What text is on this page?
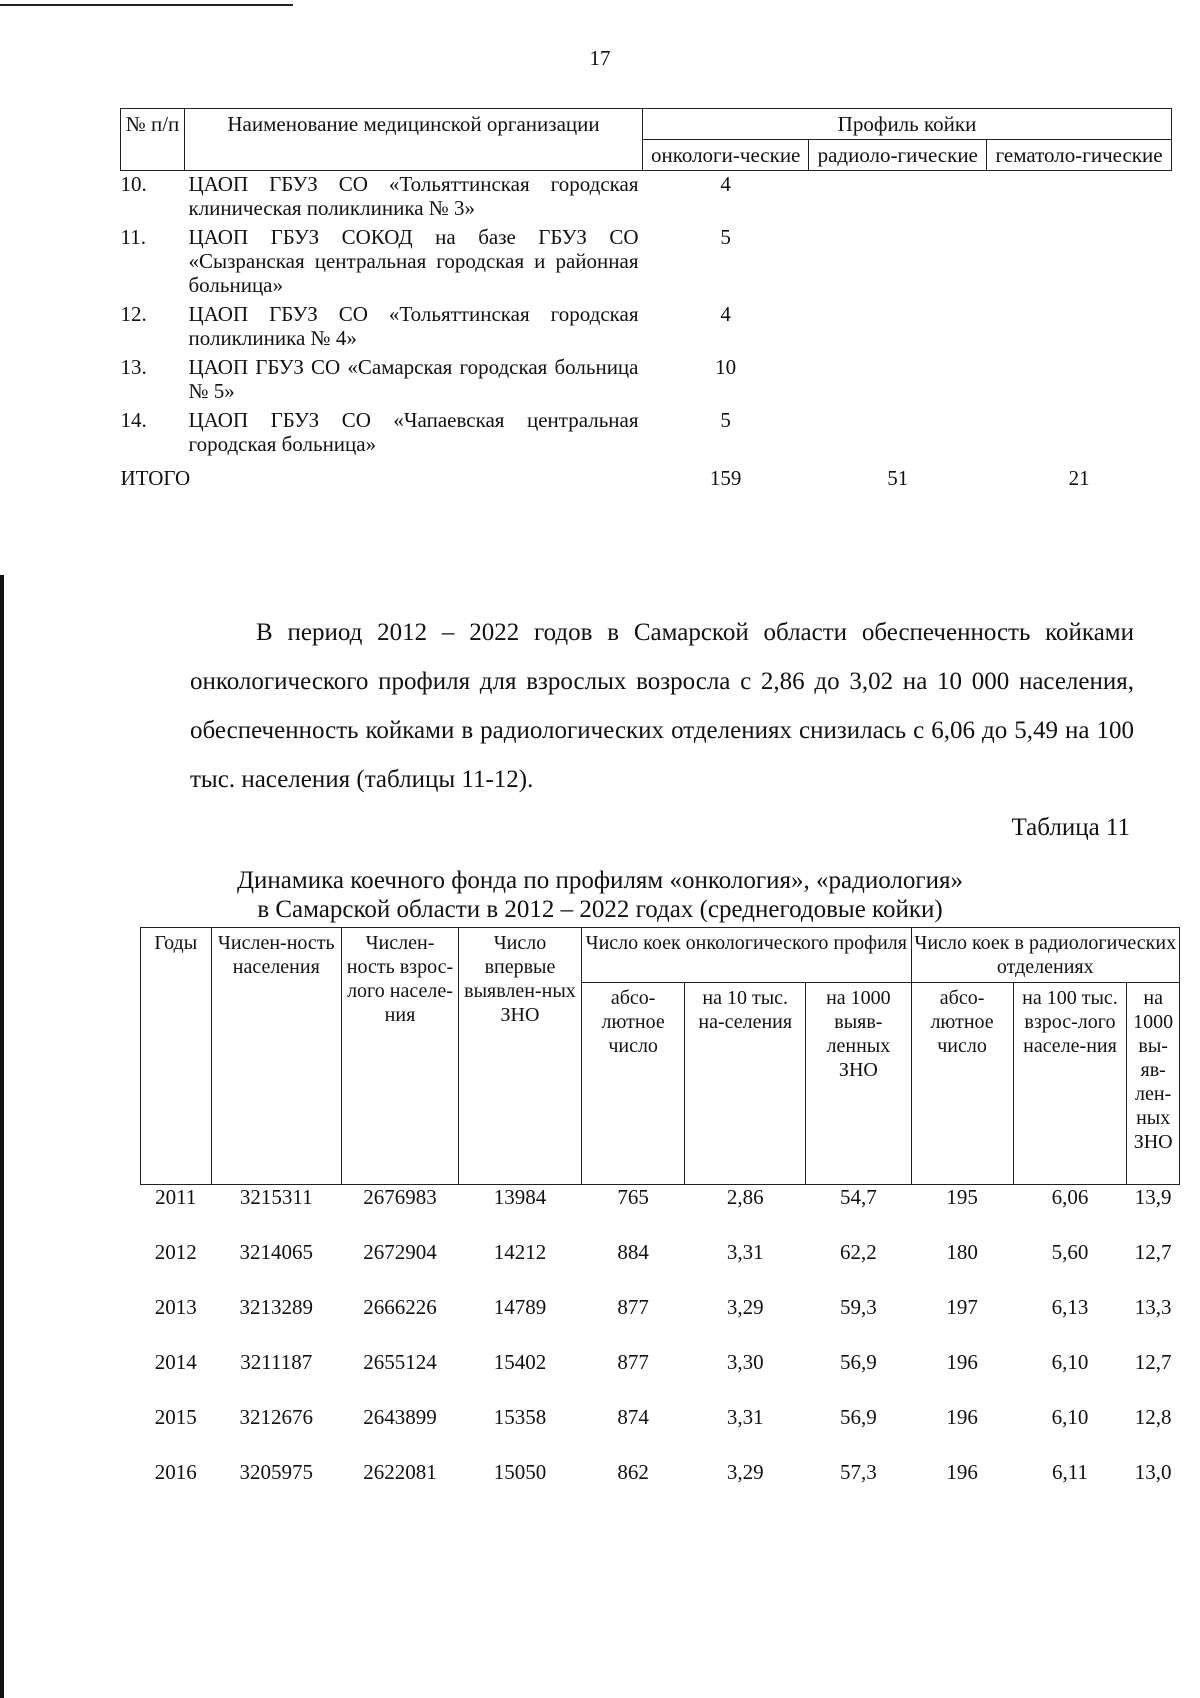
17
№ п/п	Наименование медицинской организации	Профиль койки		
		онкологи-ческие	радиоло-гические	гематоло-гические
10.	ЦАОП ГБУЗ СО «Тольяттинская городская клиническая поликлиника № 3»	4		
11.	ЦАОП ГБУЗ СОКОД на базе ГБУЗ СО «Сызранская центральная городская и районная больница»	5		
12.	ЦАОП ГБУЗ СО «Тольяттинская городская поликлиника № 4»	4		
13.	ЦАОП ГБУЗ СО «Самарская городская больница № 5»	10		
14.	ЦАОП ГБУЗ СО «Чапаевская центральная городская больница»	5		
ИТОГО		159	51	21

В период 2012 – 2022 годов в Самарской области обеспеченность койками онкологического профиля для взрослых возросла с 2,86 до 3,02 на 10 000 населения, обеспеченность койками в радиологических отделениях снизилась с 6,06 до 5,49 на 100 тыс. населения (таблицы 11-12).

Таблица 11
Динамика коечного фонда по профилям «онкология», «радиология»
в Самарской области в 2012 – 2022 годах (среднегодовые койки)
Годы	Числен-ность населения	Числен-ность взрос-лого населе-ния	Число впервые выявлен-ных ЗНО	Число коек онкологического профиля			Число коек в радиологических отделениях		
				абсо-лютное число	на 10 тыс. на-селения	на 1000 выяв-ленных ЗНО	абсо-лютное число	на 100 тыс. взрос-лого населе-ния	на 1000 вы-яв-лен-ных ЗНО
2011	3215311	2676983	13984	765	2,86	54,7	195	6,06	13,9
2012	3214065	2672904	14212	884	3,31	62,2	180	5,60	12,7
2013	3213289	2666226	14789	877	3,29	59,3	197	6,13	13,3
2014	3211187	2655124	15402	877	3,30	56,9	196	6,10	12,7
2015	3212676	2643899	15358	874	3,31	56,9	196	6,10	12,8
2016	3205975	2622081	15050	862	3,29	57,3	196	6,11	13,0
